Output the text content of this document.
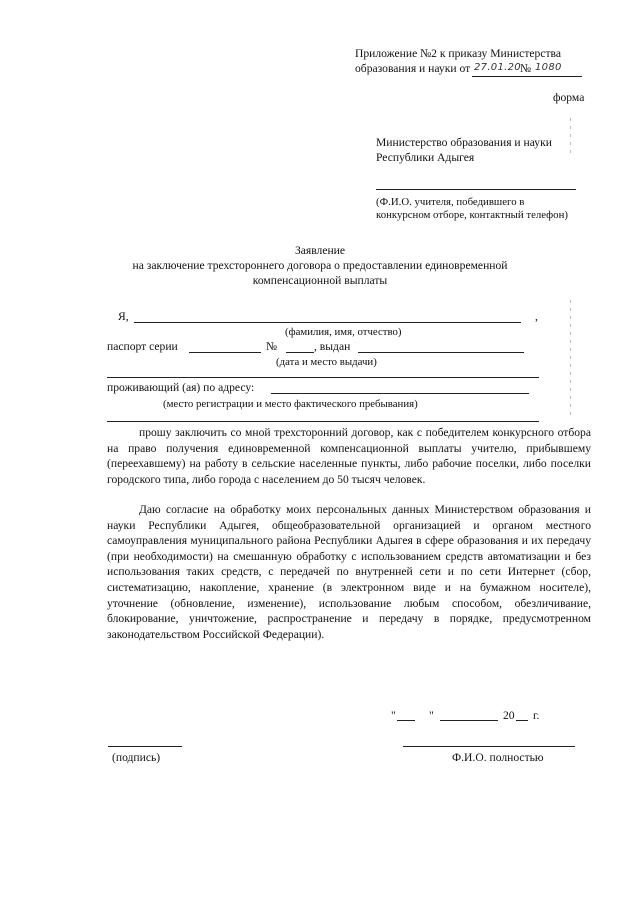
Приложение №2 к приказу Министерства
образования и науки от 27.01.20 № 1080
форма
Министерство образования и науки
Республики Адыгея
(Ф.И.О. учителя, победившего в
конкурсном отборе, контактный телефон)
Заявление
на заключение трехстороннего договора о предоставлении единовременной
компенсационной выплаты
Я,	,
(фамилия, имя, отчество)
паспорт серии	№	, выдан
(дата и место выдачи)
проживающий (ая) по адресу:
(место регистрации и место фактического пребывания)
прошу заключить со мной трехсторонний договор, как с победителем конкурсного отбора на право получения единовременной компенсационной выплаты учителю, прибывшему (переехавшему) на работу в сельские населенные пункты, либо рабочие поселки, либо поселки городского типа, либо города с населением до 50 тысяч человек.
Даю согласие на обработку моих персональных данных Министерством образования и науки Республики Адыгея, общеобразовательной организацией и органом местного самоуправления муниципального района Республики Адыгея в сфере образования и их передачу (при необходимости) на смешанную обработку с использованием средств автоматизации и без использования таких средств, с передачей по внутренней сети и по сети Интернет (сбор, систематизацию, накопление, хранение (в электронном виде и на бумажном носителе), уточнение (обновление, изменение), использование любым способом, обезличивание, блокирование, уничтожение, распространение и передачу в порядке, предусмотренном законодательством Российской Федерации).
"	"	20 г.
(подпись)	Ф.И.О. полностью
